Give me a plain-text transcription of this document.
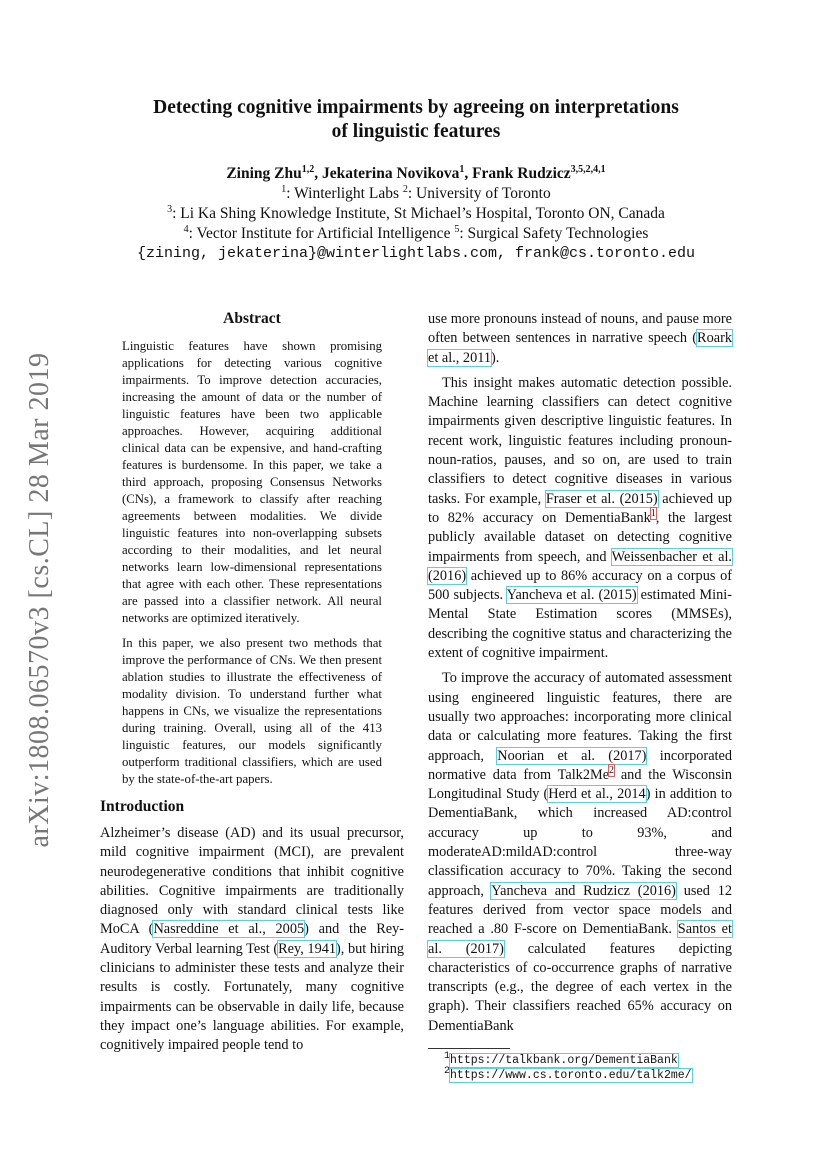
arXiv:1808.06570v3 [cs.CL] 28 Mar 2019
Detecting cognitive impairments by agreeing on interpretations
of linguistic features
Zining Zhu$^{1,2}$, Jekaterina Novikova$^1$, Frank Rudzicz$^{3,5,2,4,1}$
$^1$: Winterlight Labs $^2$: University of Toronto
$^3$: Li Ka Shing Knowledge Institute, St Michael’s Hospital, Toronto ON, Canada
$^4$: Vector Institute for Artificial Intelligence $^5$: Surgical Safety Technologies
{zining, jekaterina}@winterlightlabs.com, frank@cs.toronto.edu
Abstract

Linguistic features have shown promising applications for detecting various cognitive impairments. To improve detection accuracies, increasing the amount of data or the number of linguistic features have been two applicable approaches. However, acquiring additional clinical data can be expensive, and hand-crafting features is burdensome. In this paper, we take a third approach, proposing Consensus Networks (CNs), a framework to classify after reaching agreements between modalities. We divide linguistic features into non-overlapping subsets according to their modalities, and let neural networks learn low-dimensional representations that agree with each other. These representations are passed into a classifier network. All neural networks are optimized iteratively.

In this paper, we also present two methods that improve the performance of CNs. We then present ablation studies to illustrate the effectiveness of modality division. To understand further what happens in CNs, we visualize the representations during training. Overall, using all of the 413 linguistic features, our models significantly outperform traditional classifiers, which are used by the state-of-the-art papers.

Introduction

Alzheimer’s disease (AD) and its usual precursor, mild cognitive impairment (MCI), are prevalent neurodegenerative conditions that inhibit cognitive abilities. Cognitive impairments are traditionally diagnosed only with standard clinical tests like MoCA (Nasreddine et al., 2005) and the Rey-Auditory Verbal learning Test (Rey, 1941), but hiring clinicians to administer these tests and analyze their results is costly. Fortunately, many cognitive impairments can be observable in daily life, because they impact one’s language abilities. For example, cognitively impaired people tend to

use more pronouns instead of nouns, and pause more often between sentences in narrative speech (Roark et al., 2011).

This insight makes automatic detection possible. Machine learning classifiers can detect cognitive impairments given descriptive linguistic features. In recent work, linguistic features including pronoun-noun-ratios, pauses, and so on, are used to train classifiers to detect cognitive diseases in various tasks. For example, Fraser et al. (2015) achieved up to 82% accuracy on DementiaBank$^1$, the largest publicly available dataset on detecting cognitive impairments from speech, and Weissenbacher et al. (2016) achieved up to 86% accuracy on a corpus of 500 subjects. Yancheva et al. (2015) estimated Mini-Mental State Estimation scores (MMSEs), describing the cognitive status and characterizing the extent of cognitive impairment.

To improve the accuracy of automated assessment using engineered linguistic features, there are usually two approaches: incorporating more clinical data or calculating more features. Taking the first approach, Noorian et al. (2017) incorporated normative data from Talk2Me$^2$ and the Wisconsin Longitudinal Study (Herd et al., 2014) in addition to DementiaBank, which increased AD:control accuracy up to 93%, and moderateAD:mildAD:control three-way classification accuracy to 70%. Taking the second approach, Yancheva and Rudzicz (2016) used 12 features derived from vector space models and reached a .80 F-score on DementiaBank. Santos et al. (2017) calculated features depicting characteristics of co-occurrence graphs of narrative transcripts (e.g., the degree of each vertex in the graph). Their classifiers reached 65% accuracy on DementiaBank

$^1$https://talkbank.org/DementiaBank
$^2$https://www.cs.toronto.edu/talk2me/
